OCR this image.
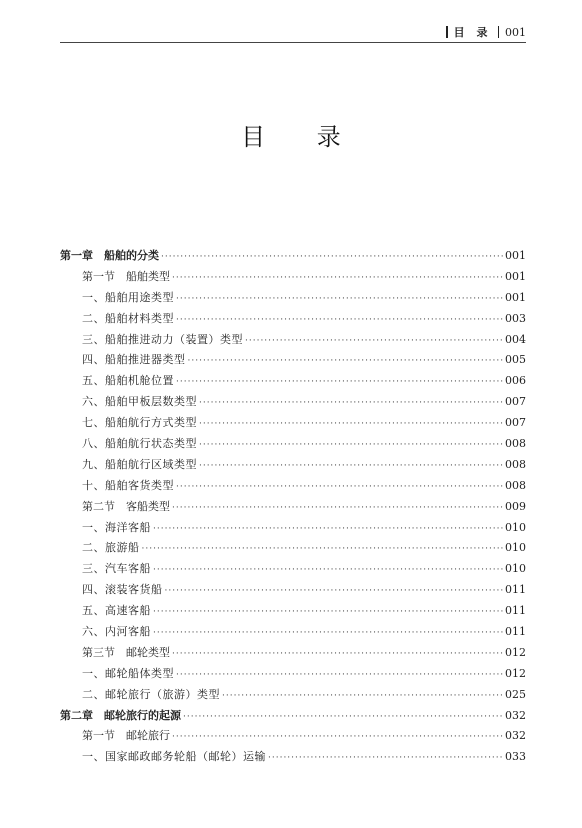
目 录 001
目 录
第一章　船舶的分类 ·····	001
第一节　船舶类型 ·····	001
一、船舶用途类型 ·····	001
二、船舶材料类型 ·····	003
三、船舶推进动力（装置）类型 ·····	004
四、船舶推进器类型 ·····	005
五、船舶机舱位置 ·····	006
六、船舶甲板层数类型 ·····	007
七、船舶航行方式类型 ·····	007
八、船舶航行状态类型 ·····	008
九、船舶航行区域类型 ·····	008
十、船舶客货类型 ·····	008
第二节　客船类型 ·····	009
一、海洋客船 ·····	010
二、旅游船 ·····	010
三、汽车客船 ·····	010
四、滚装客货船 ·····	011
五、高速客船 ·····	011
六、内河客船 ·····	011
第三节　邮轮类型 ·····	012
一、邮轮船体类型 ·····	012
二、邮轮旅行（旅游）类型 ·····	025
第二章　邮轮旅行的起源 ·····	032
第一节　邮轮旅行 ·····	032
一、国家邮政邮务轮船（邮轮）运输 ·····	033
